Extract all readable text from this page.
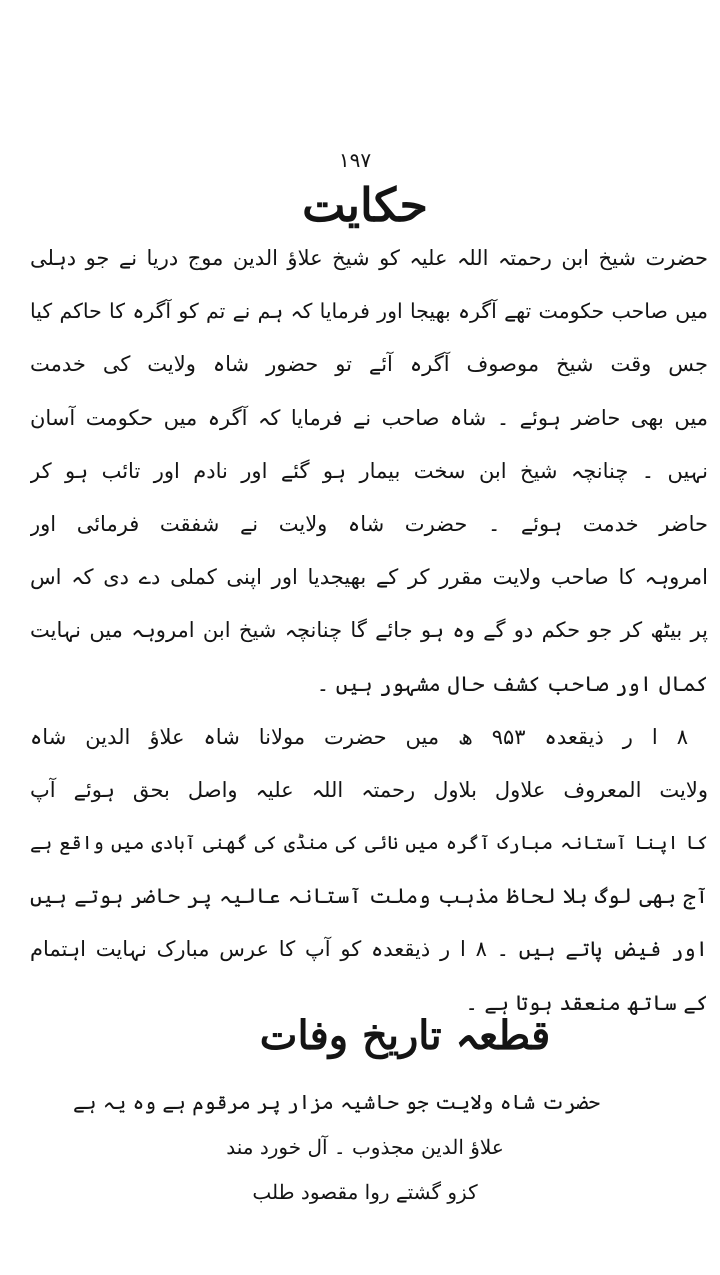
۱۹۷
حکایت
حضرت شیخ ابن رحمتہ اللہ علیہ کو شیخ علاؤ الدین موج دریا نے جو دہلی
میں صاحب حکومت تھے آگرہ بھیجا اور فرمایا کہ ہم نے تم کو آگرہ کا حاکم کیا
جس وقت شیخ موصوف آگرہ آئے تو حضور شاہ ولایت کی خدمت
میں بھی حاضر ہوئے ۔ شاہ صاحب نے فرمایا کہ آگرہ میں حکومت آسان
نہیں ۔ چنانچہ شیخ ابن سخت بیمار ہو گئے اور نادم اور تائب ہو کر
حاضر خدمت ہوئے ۔ حضرت شاہ ولایت نے شفقت فرمائی اور
امروہہ کا صاحب ولایت مقرر کر کے بھیجدیا اور اپنی کملی دے دی کہ اس
پر بیٹھ کر جو حکم دو گے وہ ہو جائے گا چنانچہ شیخ ابن امروہہ میں نہایت
کمال اور صاحب کشف حال مشہور ہیں ۔
۸ ا ر ذیقعدہ ۹۵۳ ھ میں حضرت مولانا شاہ علاؤ الدین شاہ
ولایت المعروف علاول بلاول رحمتہ اللہ علیہ واصل بحق ہوئے آپ
کا اپنا آستانہ مبارک آگرہ میں نائی کی منڈی کی گھنی آبادی میں واقع ہے
آج بھی لوگ بلا لحاظ مذہب وملت آستانہ عالیہ پر حاضر ہوتے ہیں
اور فیض پاتے ہیں ۔ ۸ ا ر ذیقعدہ کو آپ کا عرس مبارک نہایت اہتمام
کے ساتھ منعقد ہوتا ہے ۔
قطعہ تاریخ وفات
حضرت شاہ ولایت جو حاشیہ مزار پر مرقوم ہے وہ یہ ہے
علاؤ الدین مجذوب ۔ آل خورد مند
کزو گشتے روا مقصود طلب
